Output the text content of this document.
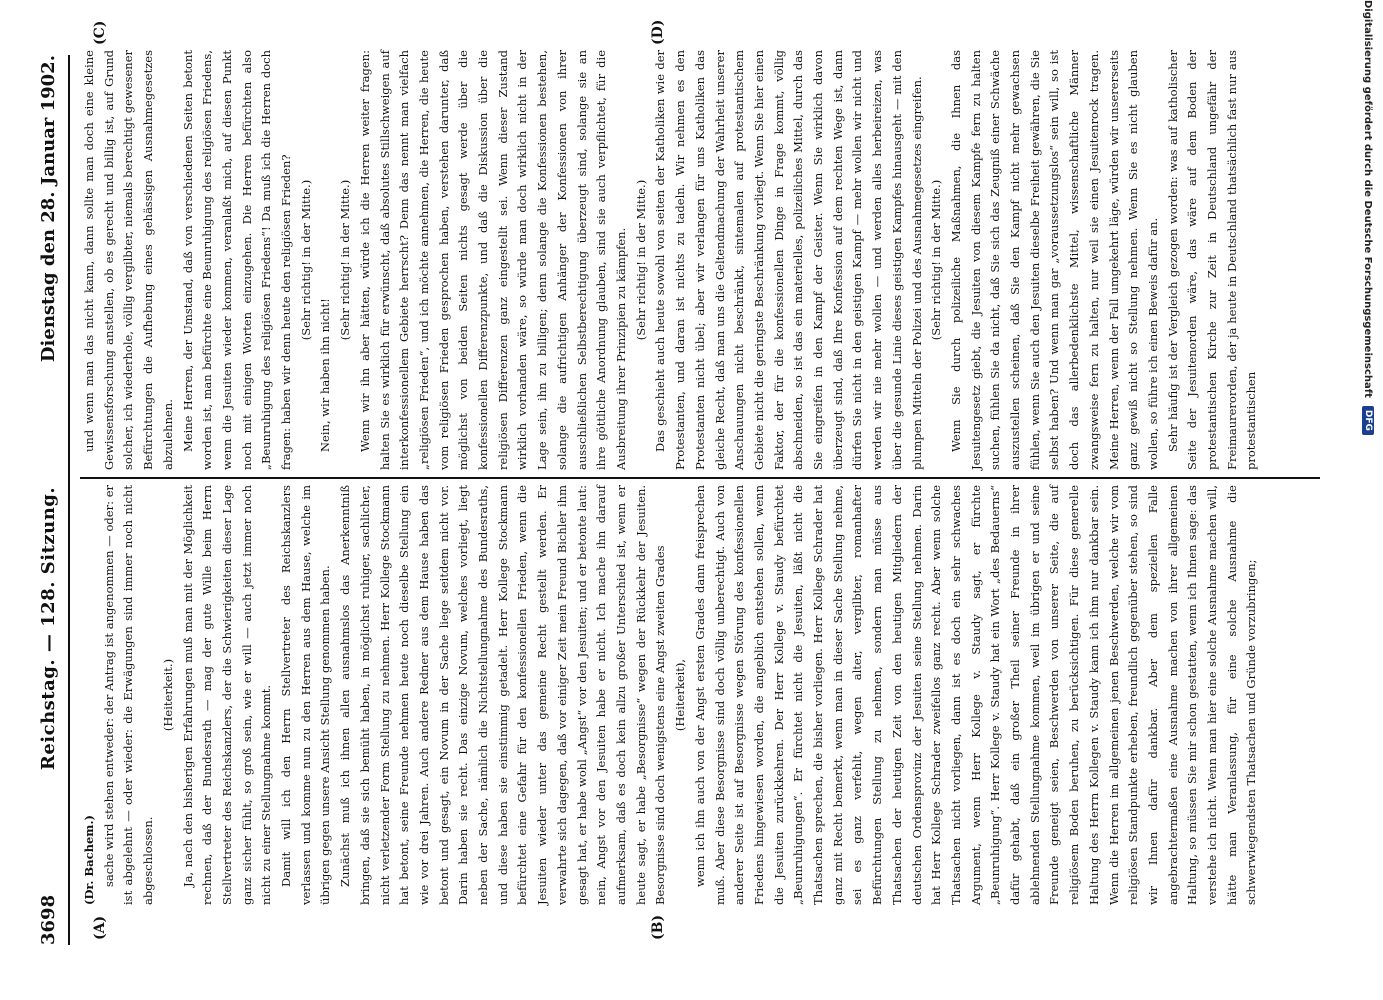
3698
Reichstag. — 128. Sitzung.
Dienstag den 28. Januar 1902.
(A)	(B)
(C)	(D)

(Dr. Bachem.) sache wird stehen entweder: der Antrag ist angenommen — oder: er ist abgelehnt — oder wieder: die Erwägungen sind immer noch nicht abgeschlossen.

(Heiterkeit.) Ja, nach den bisherigen Erfahrungen muß man mit der Möglichkeit rechnen, daß der Bundesrath — mag der gute Wille beim Herrn Stellvertreter des Reichskanzlers, der die Schwierigkeiten dieser Lage ganz sicher fühlt, so groß sein, wie er will — auch jetzt immer noch nicht zu einer Stellungnahme kommt. Damit will ich den Herrn Stellvertreter des Reichskanzlers verlassen und komme nun zu den Herren aus dem Hause, welche im übrigen gegen unsere Ansicht Stellung genommen haben. Zunächst muß ich ihnen allen ausnahmslos das Anerkenntniß bringen, daß sie sich bemüht haben, in möglichst ruhiger, sachlicher, nicht verletzender Form Stellung zu nehmen. Herr Kollege Stockmann hat betont, seine Freunde nehmen heute noch dieselbe Stellung ein wie vor drei Jahren. Auch andere Redner aus dem Hause haben das betont und gesagt, ein Novum in der Sache liege seitdem nicht vor. Darin haben sie recht. Das einzige Novum, welches vorliegt, liegt neben der Sache, nämlich die Nichtstellungnahme des Bundesraths, und diese haben sie einstimmig getadelt. Herr Kollege Stockmann befürchtet eine Gefahr für den konfessionellen Frieden, wenn die Jesuiten wieder unter das gemeine Recht gestellt werden. Er verwahrte sich dagegen, daß vor einiger Zeit mein Freund Bichler ihm gesagt hat, er habe wohl „Angst“ vor den Jesuiten; und er betonte laut: nein, Angst vor den Jesuiten habe er nicht. Ich mache ihn darauf aufmerksam, daß es doch kein allzu großer Unterschied ist, wenn er heute sagt, er habe „Besorgnisse“ wegen der Rückkehr der Jesuiten. Besorgnisse sind doch wenigstens eine Angst zweiten Grades (Heiterkeit), wenn ich ihn auch von der Angst ersten Grades dann freisprechen muß. Aber diese Besorgnisse sind doch völlig unberechtigt. Auch von anderer Seite ist auf Besorgnisse wegen Störung des konfessionellen Friedens hingewiesen worden, die angeblich entstehen sollen, wenn die Jesuiten zurückkehren. Der Herr Kollege v. Staudy befürchtet „Beunruhigungen“. Er fürchtet nicht die Jesuiten, läßt nicht die Thatsachen sprechen, die bisher vorliegen. Herr Kollege Schrader hat ganz mit Recht bemerkt, wenn man in dieser Sache Stellung nehme, sei es ganz verfehlt, wegen alter, vergilbter, romanhafter Befürchtungen Stellung zu nehmen, sondern man müsse aus Thatsachen der heutigen Zeit von den heutigen Mitgliedern der deutschen Ordensprovinz der Jesuiten seine Stellung nehmen. Darin hat Herr Kollege Schrader zweifellos ganz recht. Aber wenn solche Thatsachen nicht vorliegen, dann ist es doch ein sehr schwaches Argument, wenn Herr Kollege v. Staudy sagt, er fürchte „Beunruhigung“. Herr Kollege v. Staudy hat ein Wort „des Bedauerns“ dafür gehabt, daß ein großer Theil seiner Freunde in ihrer ablehnenden Stellungnahme kommen, weil im übrigen er und seine Freunde geneigt seien, Beschwerden von unserer Seite, die auf religiösem Boden beruhen, zu berücksichtigen. Für diese generelle Haltung des Herrn Kollegen v. Staudy kann ich ihm nur dankbar sein. Wenn die Herren im allgemeinen jenen Beschwerden, welche wir vom religiösen Standpunkte erheben, freundlich gegenüber stehen, so sind wir Ihnen dafür dankbar. Aber dem speziellen Falle angebrachtermaßen eine Ausnahme machen von ihrer allgemeinen Haltung, so müssen Sie mir schon gestatten, wenn ich Ihnen sage: das verstehe ich nicht. Wenn man hier eine solche Ausnahme machen will, hätte man Veranlassung, für eine solche Ausnahme die schwerwiegendsten Thatsachen und Gründe vorzubringen;

und wenn man das nicht kann, dann sollte man doch eine kleine Gewissensforschung anstellen, ob es gerecht und billig ist, auf Grund solcher, ich wiederhole, völlig vergilbter, niemals berechtigt gewesener Befürchtungen die Aufhebung eines gehässigen Ausnahmegesetzes abzulehnen. Meine Herren, der Umstand, daß von verschiedenen Seiten betont worden ist, man befürchte eine Beunruhigung des religiösen Friedens, wenn die Jesuiten wieder kommen, veranlaßt mich, auf diesen Punkt noch mit einigen Worten einzugehen. Die Herren befürchten also „Beunruhigung des religiösen Friedens“! Da muß ich die Herren doch fragen: haben wir denn heute den religiösen Frieden? (Sehr richtig! in der Mitte.)

Nein, wir haben ihn nicht!

(Sehr richtig! in der Mitte.) Wenn wir ihn aber hätten, würde ich die Herren weiter fragen: halten Sie es wirklich für erwünscht, daß absolutes Stillschweigen auf interkonfessionellem Gebiete herrscht? Denn das nennt man vielfach „religiösen Frieden“, und ich möchte annehmen, die Herren, die heute vom religiösen Frieden gesprochen haben, verstehen darunter, daß möglichst von beiden Seiten nichts gesagt werde über die konfessionellen Differenzpunkte, und daß die Diskussion über die religiösen Differenzen ganz eingestellt sei. Wenn dieser Zustand wirklich vorhanden wäre, so würde man doch wirklich nicht in der Lage sein, ihn zu billigen; denn solange die Konfessionen bestehen, solange die aufrichtigen Anhänger der Konfessionen von ihrer ausschließlichen Selbstberechtigung überzeugt sind, solange sie an ihre göttliche Anordnung glauben, sind sie auch verpflichtet, für die Ausbreitung ihrer Prinzipien zu kämpfen. (Sehr richtig! in der Mitte.) Das geschieht auch heute sowohl von seiten der Katholiken wie der Protestanten, und daran ist nichts zu tadeln. Wir nehmen es den Protestanten nicht übel; aber wir verlangen für uns Katholiken das gleiche Recht, daß man uns die Geltendmachung der Wahrheit unserer Anschauungen nicht beschränkt, sintemalen auf protestantischem Gebiete nicht die geringste Beschränkung vorliegt. Wenn Sie hier einen Faktor, der für die konfessionellen Dinge in Frage kommt, völlig abschneiden, so ist das ein materielles, polizeiliches Mittel, durch das Sie eingreifen in den Kampf der Geister. Wenn Sie wirklich davon überzeugt sind, daß Ihre Konfession auf dem rechten Wege ist, dann dürfen Sie nicht in den geistigen Kampf — mehr wollen wir nicht und werden wir nie mehr wollen — und werden alles herbeireizen, was über die gesunde Linie dieses geistigen Kampfes hinausgeht — mit den plumpen Mitteln der Polizei und des Ausnahmegesetzes eingreifen. (Sehr richtig! in der Mitte.) Wenn Sie durch polizeiliche Maßnahmen, die Ihnen das Jesuitengesetz giebt, die Jesuiten von diesem Kampfe fern zu halten suchen, fühlen Sie da nicht, daß Sie sich das Zeugniß einer Schwäche auszustellen scheinen, daß Sie den Kampf nicht mehr gewachsen fühlen, wenn Sie auch den Jesuiten dieselbe Freiheit gewähren, die Sie selbst haben? Und wenn man gar „voraussetzungslos“ sein will, so ist doch das allerbedenklichste Mittel, wissenschaftliche Männer zwangsweise fern zu halten, nur weil sie einen Jesuitenrock tragen. Meine Herren, wenn der Fall umgekehrt läge, würden wir unsererseits ganz gewiß nicht so Stellung nehmen. Wenn Sie es nicht glauben wollen, so führe ich einen Beweis dafür an. Sehr häufig ist der Vergleich gezogen worden: was auf katholischer Seite der Jesuitenorden wäre, das wäre auf dem Boden der protestantischen Kirche zur Zeit in Deutschland ungefähr der Freimaurerorden, der ja heute in Deutschland thatsächlich fast nur aus protestantischen

Digitalisierung gefördert durch die Deutsche Forschungsgemeinschaft
DFG
